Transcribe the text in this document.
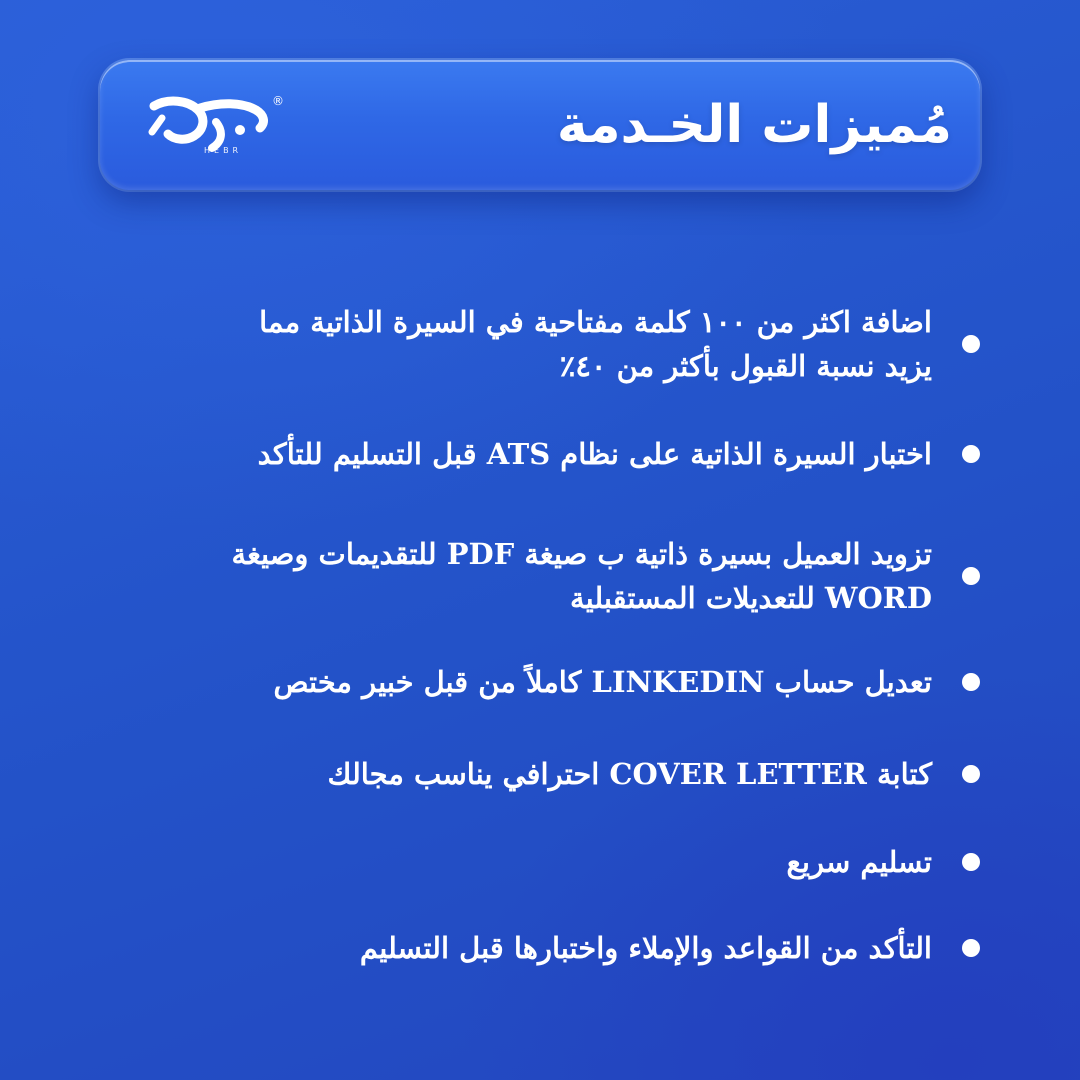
HEBR
®	مُميزات الخـدمة
اضافة اكثر من ١٠٠ كلمة مفتاحية في السيرة الذاتية مما يزيد نسبة القبول بأكثر من ٤٠٪
اختبار السيرة الذاتية على نظام ATS قبل التسليم للتأكد
تزويد العميل بسيرة ذاتية ب صيغة PDF للتقديمات وصيغة WORD للتعديلات المستقبلية
تعديل حساب LINKEDIN كاملاً من قبل خبير مختص
كتابة COVER LETTER احترافي يناسب مجالك
تسليم سريع
التأكد من القواعد والإملاء واختبارها قبل التسليم
